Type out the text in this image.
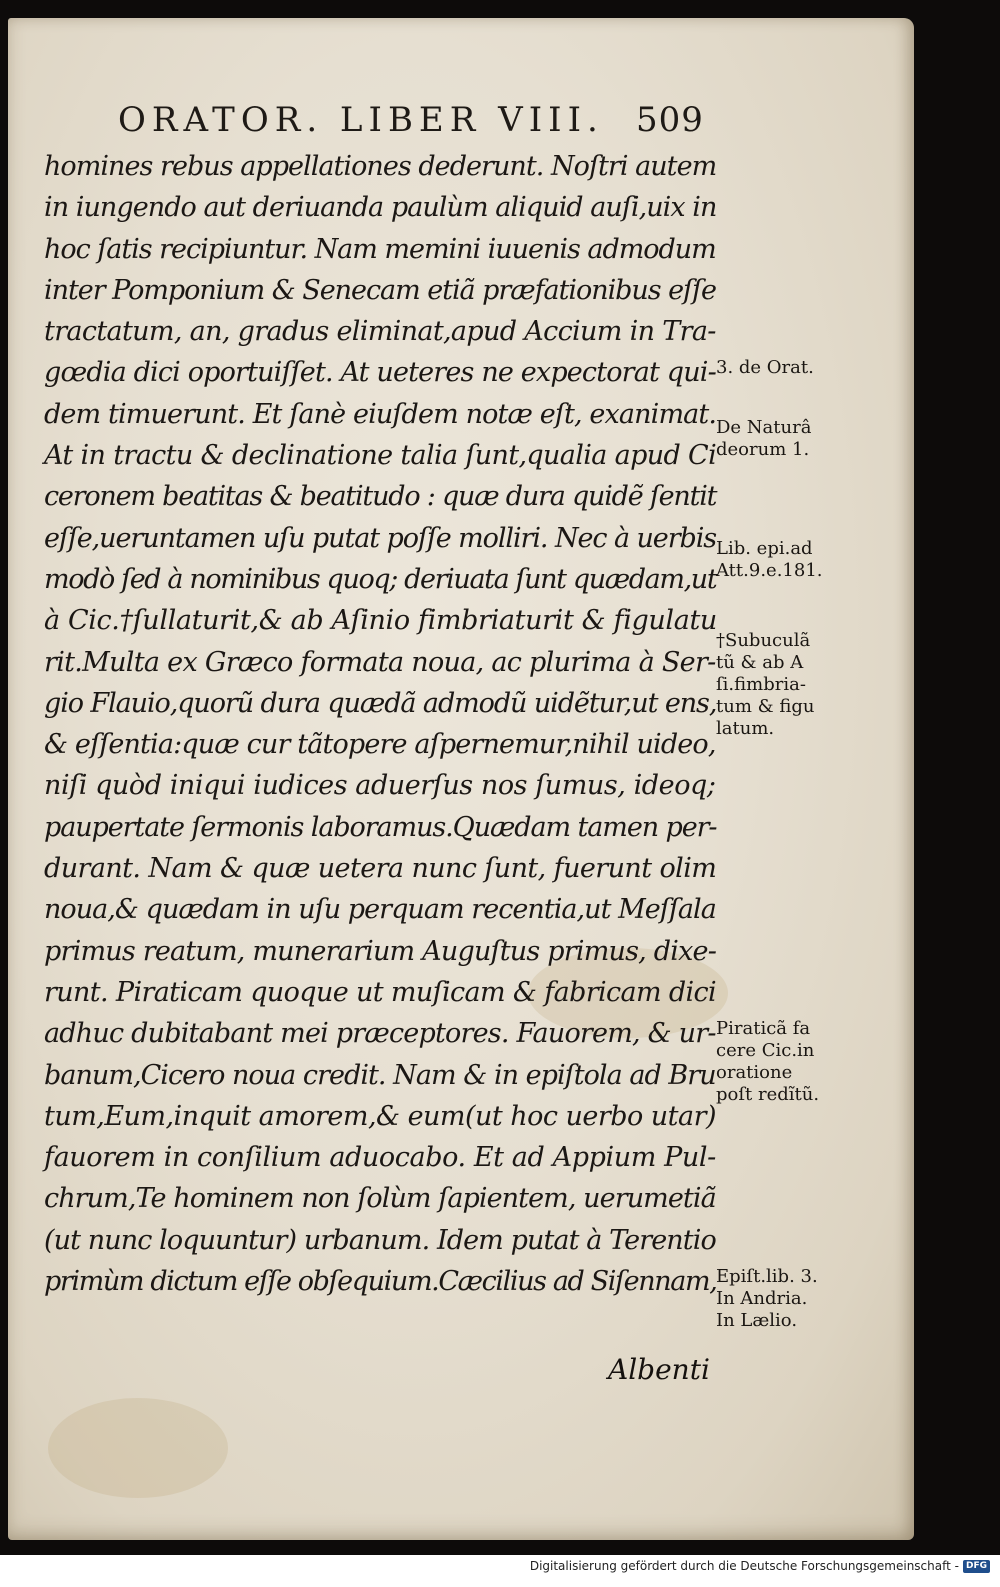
ORATOR. LIBER VIII. 509
homines rebus appellationes dederunt. Noſtri autem
in iungendo aut deriuanda paulùm aliquid auſi,uix in
hoc ſatis recipiuntur. Nam memini iuuenis admodum
inter Pomponium & Senecam etiã præfationibus eſſe
tractatum, an, gradus eliminat,apud Accium in Tra-
gœdia dici oportuiſſet. At ueteres ne expectorat qui-
dem timuerunt. Et ſanè eiuſdem notæ eſt, exanimat.
At in tractu & declinatione talia ſunt,qualia apud Ci
ceronem beatitas & beatitudo : quæ dura quidẽ ſentit
eſſe,ueruntamen uſu putat poſſe molliri. Nec à uerbis
modò ſed à nominibus quoq; deriuata ſunt quædam,ut
à Cic.†ſullaturit,& ab Aſinio fimbriaturit & figulatu
rit.Multa ex Græco formata noua, ac plurima à Ser-
gio Flauio,quorũ dura quædã admodũ uidẽtur,ut ens,
& eſſentia:quæ cur tãtopere aſpernemur,nihil uideo,
niſi quòd iniqui iudices aduerſus nos ſumus, ideoq;
paupertate ſermonis laboramus.Quædam tamen per-
durant. Nam & quæ uetera nunc ſunt, fuerunt olim
noua,& quædam in uſu perquam recentia,ut Meſſala
primus reatum, munerarium Auguſtus primus, dixe-
runt. Piraticam quoque ut muſicam & fabricam dici
adhuc dubitabant mei præceptores. Fauorem, & ur-
banum,Cicero noua credit. Nam & in epiſtola ad Bru
tum,Eum,inquit amorem,& eum(ut hoc uerbo utar)
fauorem in conſilium aduocabo. Et ad Appium Pul-
chrum,Te hominem non ſolùm ſapientem, uerumetiã
(ut nunc loquuntur) urbanum. Idem putat à Terentio
primùm dictum eſſe obſequium.Cæcilius ad Siſennam,
Albenti
3. de Orat.
De Naturâ
deorum 1.
Lib. epi.ad
Att.9.e.181.
†Subuculã
tũ & ab A
ſi.fimbria-
tum & figu
latum.
Piraticã fa
cere Cic.in
oratione
poſt redĩtũ.
Epiſt.lib. 3.
In Andria.
In Lælio.
Digitalisierung gefördert durch die Deutsche Forschungsgemeinschaft - DFG
